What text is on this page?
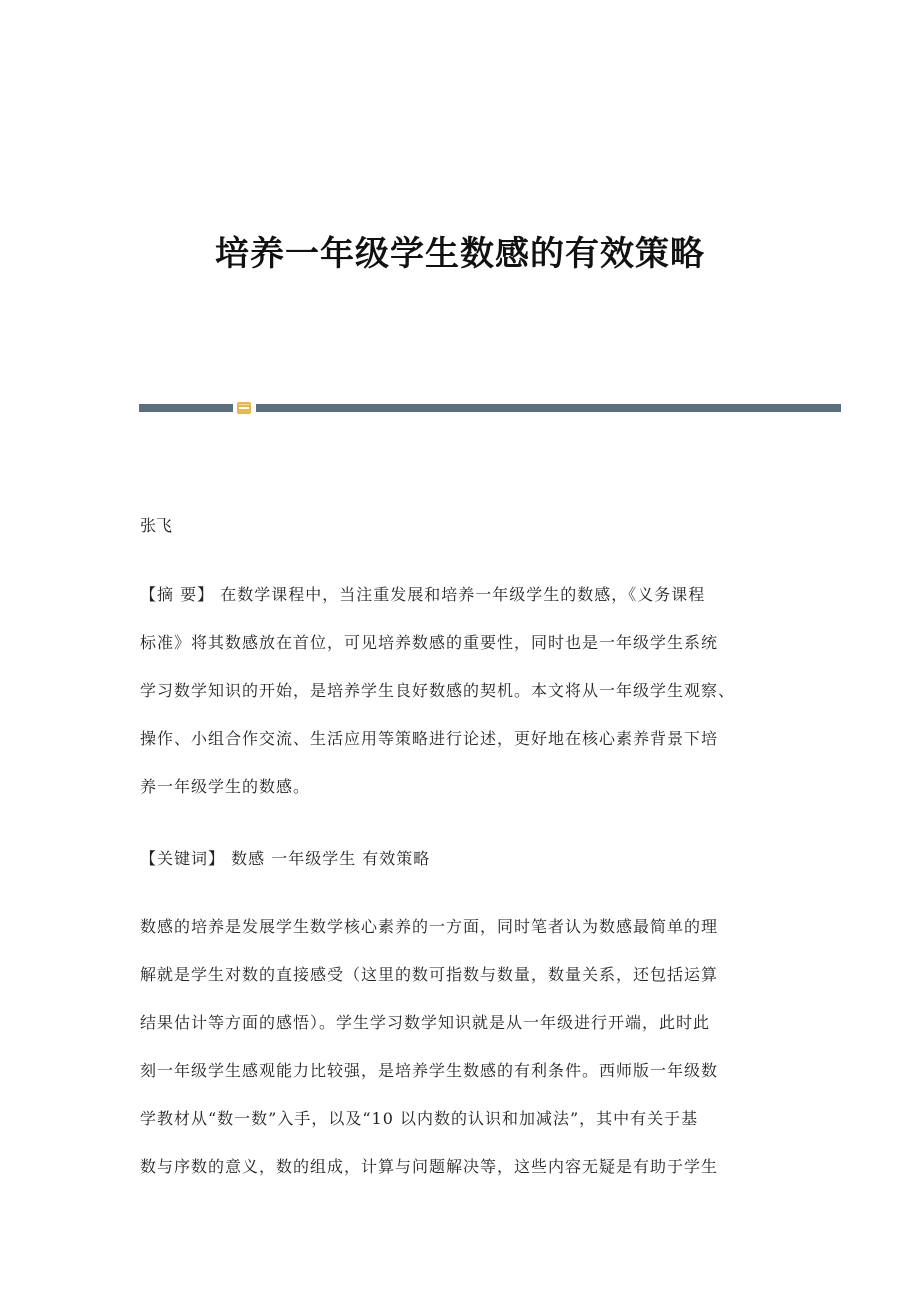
培养一年级学生数感的有效策略
张飞
【摘 要】 在数学课程中，当注重发展和培养一年级学生的数感，《义务课程
标准》将其数感放在首位，可见培养数感的重要性，同时也是一年级学生系统
学习数学知识的开始，是培养学生良好数感的契机。本文将从一年级学生观察、
操作、小组合作交流、生活应用等策略进行论述，更好地在核心素养背景下培
养一年级学生的数感。
【关键词】 数感 一年级学生 有效策略
数感的培养是发展学生数学核心素养的一方面，同时笔者认为数感最简单的理
解就是学生对数的直接感受（这里的数可指数与数量，数量关系，还包括运算
结果估计等方面的感悟）。学生学习数学知识就是从一年级进行开端，此时此
刻一年级学生感观能力比较强，是培养学生数感的有利条件。西师版一年级数
学教材从“数一数”入手，以及“10 以内数的认识和加减法”，其中有关于基
数与序数的意义，数的组成，计算与问题解决等，这些内容无疑是有助于学生
